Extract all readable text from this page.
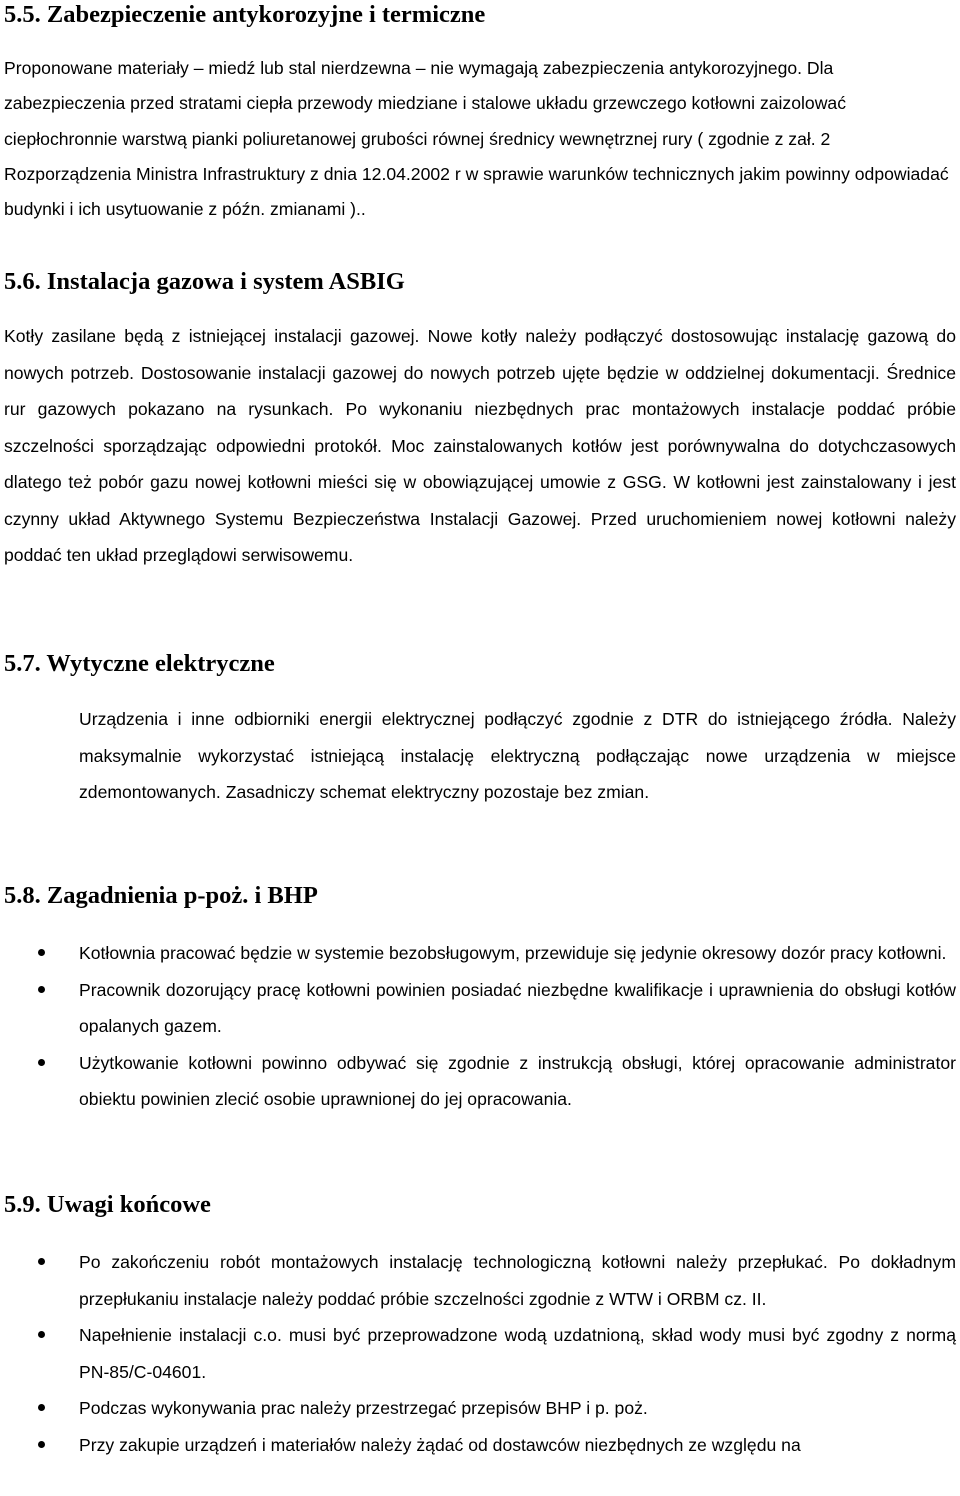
5.5. Zabezpieczenie antykorozyjne i termiczne

Proponowane materiały – miedź lub stal nierdzewna – nie wymagają zabezpieczenia antykorozyjnego. Dla zabezpieczenia przed stratami ciepła przewody miedziane i stalowe układu grzewczego kotłowni zaizolować ciepłochronnie warstwą pianki poliuretanowej grubości równej średnicy wewnętrznej rury ( zgodnie z zał. 2 Rozporządzenia Ministra Infrastruktury z dnia 12.04.2002 r w sprawie warunków technicznych jakim powinny odpowiadać budynki i ich usytuowanie z późn. zmianami )..

5.6. Instalacja gazowa i system ASBIG

Kotły zasilane będą z istniejącej instalacji gazowej. Nowe kotły należy podłączyć dostosowując instalację gazową do nowych potrzeb. Dostosowanie instalacji gazowej do nowych potrzeb ujęte będzie w oddzielnej dokumentacji. Średnice rur gazowych pokazano na rysunkach. Po wykonaniu niezbędnych prac montażowych instalacje poddać próbie szczelności sporządzając odpowiedni protokół. Moc zainstalowanych kotłów jest porównywalna do dotychczasowych dlatego też pobór gazu nowej kotłowni mieści się w obowiązującej umowie z GSG. W kotłowni jest zainstalowany i jest czynny układ Aktywnego Systemu Bezpieczeństwa Instalacji Gazowej. Przed uruchomieniem nowej kotłowni należy poddać ten układ przeglądowi serwisowemu.

5.7. Wytyczne elektryczne

Urządzenia i inne odbiorniki energii elektrycznej podłączyć zgodnie z DTR do istniejącego źródła. Należy maksymalnie wykorzystać istniejącą instalację elektryczną podłączając nowe urządzenia w miejsce zdemontowanych. Zasadniczy schemat elektryczny pozostaje bez zmian.

5.8. Zagadnienia p-poż. i BHP
Kotłownia pracować będzie w systemie bezobsługowym, przewiduje się jedynie okresowy dozór pracy kotłowni.
Pracownik dozorujący pracę kotłowni powinien posiadać niezbędne kwalifikacje i uprawnienia do obsługi kotłów opalanych gazem.
Użytkowanie kotłowni powinno odbywać się zgodnie z instrukcją obsługi, której opracowanie administrator obiektu powinien zlecić osobie uprawnionej do jej opracowania.
5.9. Uwagi końcowe
Po zakończeniu robót montażowych instalację technologiczną kotłowni należy przepłukać. Po dokładnym przepłukaniu instalacje należy poddać próbie szczelności zgodnie z WTW i ORBM cz. II.
Napełnienie instalacji c.o. musi być przeprowadzone wodą uzdatnioną, skład wody musi być zgodny z normą PN-85/C-04601.
Podczas wykonywania prac należy przestrzegać przepisów BHP i p. poż.
Przy zakupie urządzeń i materiałów należy żądać od dostawców niezbędnych ze względu na
